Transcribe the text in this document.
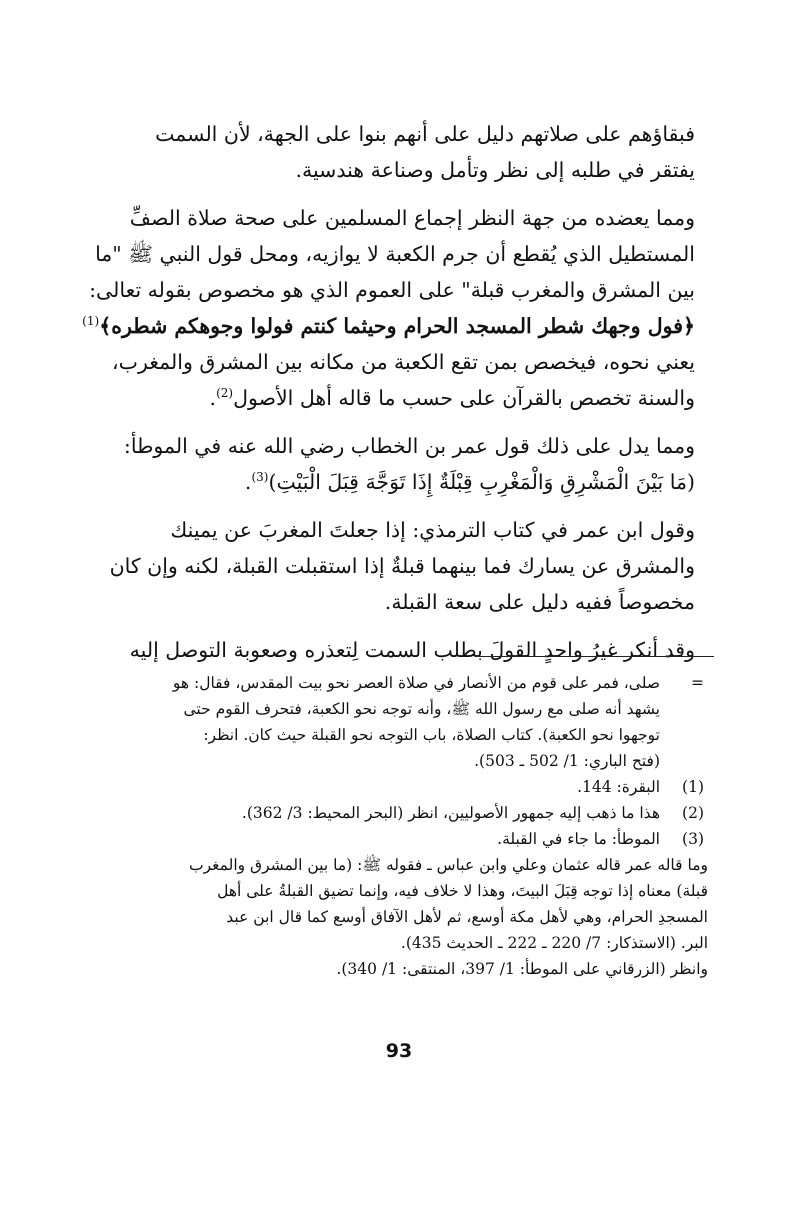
فبقاؤهم على صلاتهم دليل على أنهم بنوا على الجهة، لأن السمت
يفتقر في طلبه إلى نظر وتأمل وصناعة هندسية.

ومما يعضده من جهة النظر إجماع المسلمين على صحة صلاة الصفِّ
المستطيل الذي يُقطع أن جرم الكعبة لا يوازيه، ومحل قول النبي ﷺ "ما
بين المشرق والمغرب قبلة" على العموم الذي هو مخصوص بقوله تعالى:
﴿فول وجهك شطر المسجد الحرام وحيثما كنتم فولوا وجوهكم شطره﴾$^{(1)}$
يعني نحوه، فيخصص بمن تقع الكعبة من مكانه بين المشرق والمغرب،
والسنة تخصص بالقرآن على حسب ما قاله أهل الأصول$^{(2)}$.

ومما يدل على ذلك قول عمر بن الخطاب رضي الله عنه في الموطأ:
(مَا بَيْنَ الْمَشْرِقِ وَالْمَغْرِبِ قِبْلَةٌ إِذَا تَوَجَّهَ قِبَلَ الْبَيْتِ)$^{(3)}$.

وقول ابن عمر في كتاب الترمذي: إذا جعلتَ المغربَ عن يمينك
والمشرق عن يسارك فما بينهما قبلةٌ إذا استقبلت القبلة، لكنه وإن كان
مخصوصاً ففيه دليل على سعة القبلة.

وقد أنكر غيرُ واحدٍ القولَ بطلب السمت لِتعذره وصعوبة التوصل إليه

=
صلى، فمر على قوم من الأنصار في صلاة العصر نحو بيت المقدس، فقال: هو
يشهد أنه صلى مع رسول الله ﷺ، وأنه توجه نحو الكعبة، فتحرف القوم حتى
توجهوا نحو الكعبة). كتاب الصلاة، باب التوجه نحو القبلة حيث كان. انظر:
(فتح الباري: 1/ 502 ـ 503).
(1)
البقرة: 144.
(2)
هذا ما ذهب إليه جمهور الأصوليين، انظر (البحر المحيط: 3/ 362).
(3)
الموطأ: ما جاء في القبلة.
وما قاله عمر قاله عثمان وعلي وابن عباس ـ فقوله ﷺ: (ما بين المشرق والمغرب
قبلة) معناه إذا توجه قِبَلَ البيتَ، وهذا لا خلاف فيه، وإنما تضيق القبلةُ على أهل
المسجدِ الحرام، وهي لأهل مكة أوسع، ثم لأهل الآفاق أوسع كما قال ابن عبد
البر. (الاستذكار: 7/ 220 ـ 222 ـ الحديث 435).
وانظر (الزرقاني على الموطأ: 1/ 397، المنتقى: 1/ 340).
93
